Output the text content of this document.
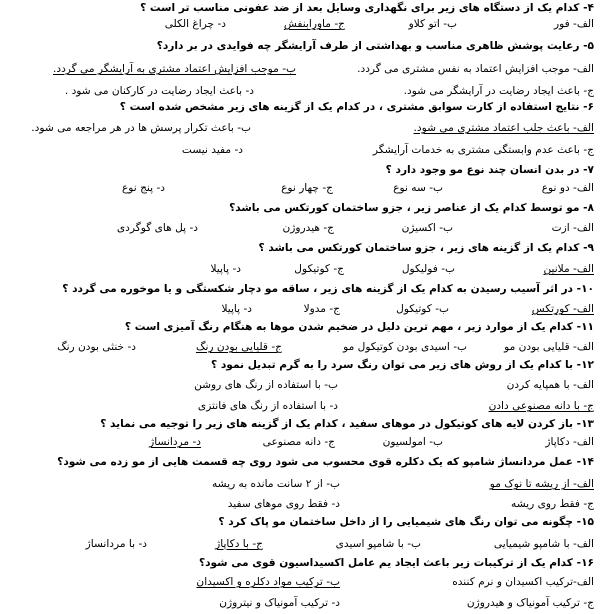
۴- کدام یک از دستگاه های زیر برای نگهداری وسایل بعد از ضد عفونی مناسب تر است ؟
الف- فور
ب- اتو کلاو
ج- ماورابنفش
د- چراغ الکلی
۵- رعایت پوشش ظاهری مناسب و بهداشتی از طرف آرایشگر چه فوایدی در بر دارد؟
الف- موجب افزایش اعتماد به نفس مشتری می گردد.
ب- موجب افزایش اعتماد مشتری به آرایشگر می گردد.
ج- باعث ایجاد رضایت در آرایشگر می شود.
د- باعث ایجاد رضایت در کارکنان می شود .
۶- نتایج استفاده از کارت سوابق مشتری ، در کدام یک از گزینه های زیر مشخص شده است ؟
الف- باعث جلب اعتماد مشتری می شود.
ب- باعث تکرار پرسش ها در هر مراجعه می شود.
ج- باعث عدم وابستگی مشتری به خدمات آرایشگر
د- مفید نیست
۷- در بدن انسان چند نوع مو وجود دارد ؟
الف- دو نوع
ب- سه نوع
ج- چهار نوع
د- پنج نوع
۸- مو توسط کدام یک از عناصر زیر ، جزو ساختمان کورتکس می باشد؟
الف- ازت
ب- اکسیژن
ج- هیدروژن
د- پل های گوگردی
۹- کدام یک از گزینه های زیر ، جزو ساختمان کورتکس می باشد ؟
الف- ملانین
ب- فولیکول
ج- کوتیکول
د- پاپیلا
۱۰- در اثر آسیب رسیدن به کدام یک از گزینه های زیر ، ساقه مو دچار شکستگی و یا موخوره می گردد ؟
الف- کورتکس
ب- کوتیکول
ج- مدولا
د- پاپیلا
۱۱- کدام یک از موارد زیر ، مهم ترین دلیل در ضخیم شدن موها به هنگام رنگ آمیزی است ؟
الف- قلیایی بودن مو
ب- اسیدی بودن کوتیکول مو
ج- قلیایی بودن رنگ
د- خنثی بودن رنگ
۱۲- با کدام یک از روش های زیر می توان رنگ سرد را به گرم تبدیل نمود ؟
الف- با همپایه کردن
ب- با استفاده از رنگ های روشن
ج- با دانه مصنوعی دادن
د- با استفاده از رنگ های فانتزی
۱۳- باز کردن لایه های کوتیکول در موهای سفید ، کدام یک از گزینه های زیر را توجیه می نماید ؟
الف- دکاپاژ
ب- امولسیون
ج- دانه مصنوعی
د- مردانساژ
۱۴- عمل مردانساژ شامپو که یک دکلره قوی محسوب می شود روی چه قسمت هایی از مو زده می شود؟
الف- از ریشه تا نوک مو
ب- از ۲ سانت مانده به ریشه
ج- فقط روی ریشه
د- فقط روی موهای سفید
۱۵- چگونه می توان رنگ های شیمیایی را از داخل ساختمان مو پاک کرد ؟
الف- با شامپو شیمیایی
ب- با شامپو اسیدی
ج- با دکاپاژ
د- با مردانساژ
۱۶- کدام یک از ترکیبات زیر باعث ایجاد یم عامل اکسیداسیون قوی می شود؟
الف-ترکیب اکسیدان و نرم کننده
ب- ترکیب مواد دکلره و اکسیدان
ج- ترکیب آمونیاک و هیدروژن
د- ترکیب آمونیاک و نیتروژن
